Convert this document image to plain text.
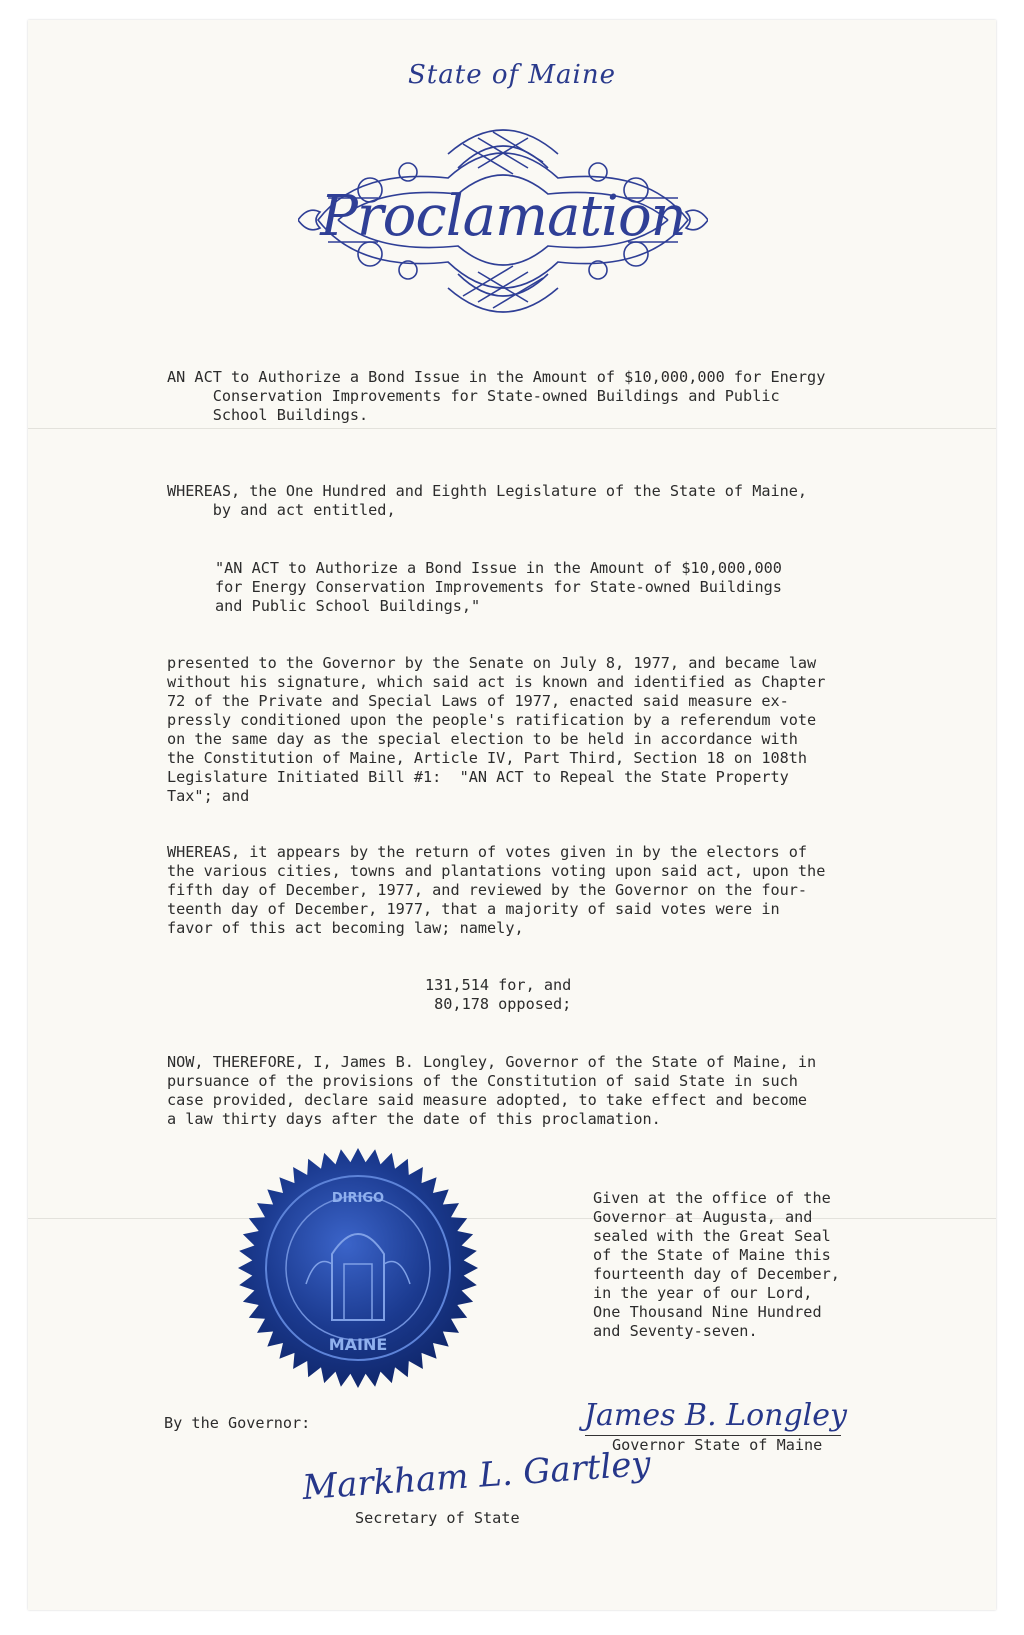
State of Maine
Proclamation
AN ACT to Authorize a Bond Issue in the Amount of $10,000,000 for Energy
Conservation Improvements for State-owned Buildings and Public
School Buildings.
WHEREAS, the One Hundred and Eighth Legislature of the State of Maine,
by and act entitled,
"AN ACT to Authorize a Bond Issue in the Amount of $10,000,000
for Energy Conservation Improvements for State-owned Buildings
and Public School Buildings,"
presented to the Governor by the Senate on July 8, 1977, and became law
without his signature, which said act is known and identified as Chapter
72 of the Private and Special Laws of 1977, enacted said measure ex-
pressly conditioned upon the people's ratification by a referendum vote
on the same day as the special election to be held in accordance with
the Constitution of Maine, Article IV, Part Third, Section 18 on 108th
Legislature Initiated Bill #1:  "AN ACT to Repeal the State Property
Tax"; and
WHEREAS, it appears by the return of votes given in by the electors of
the various cities, towns and plantations voting upon said act, upon the
fifth day of December, 1977, and reviewed by the Governor on the four-
teenth day of December, 1977, that a majority of said votes were in
favor of this act becoming law; namely,
131,514 for, and
80,178 opposed;
NOW, THEREFORE, I, James B. Longley, Governor of the State of Maine, in
pursuance of the provisions of the Constitution of said State in such
case provided, declare said measure adopted, to take effect and become
a law thirty days after the date of this proclamation.
DIRIGO
MAINE
Given at the office of the
Governor at Augusta, and
sealed with the Great Seal
of the State of Maine this
fourteenth day of December,
in the year of our Lord,
One Thousand Nine Hundred
and Seventy-seven.
By the Governor:	James B. Longley
Governor State of Maine
Markham L. Gartley
Secretary of State
